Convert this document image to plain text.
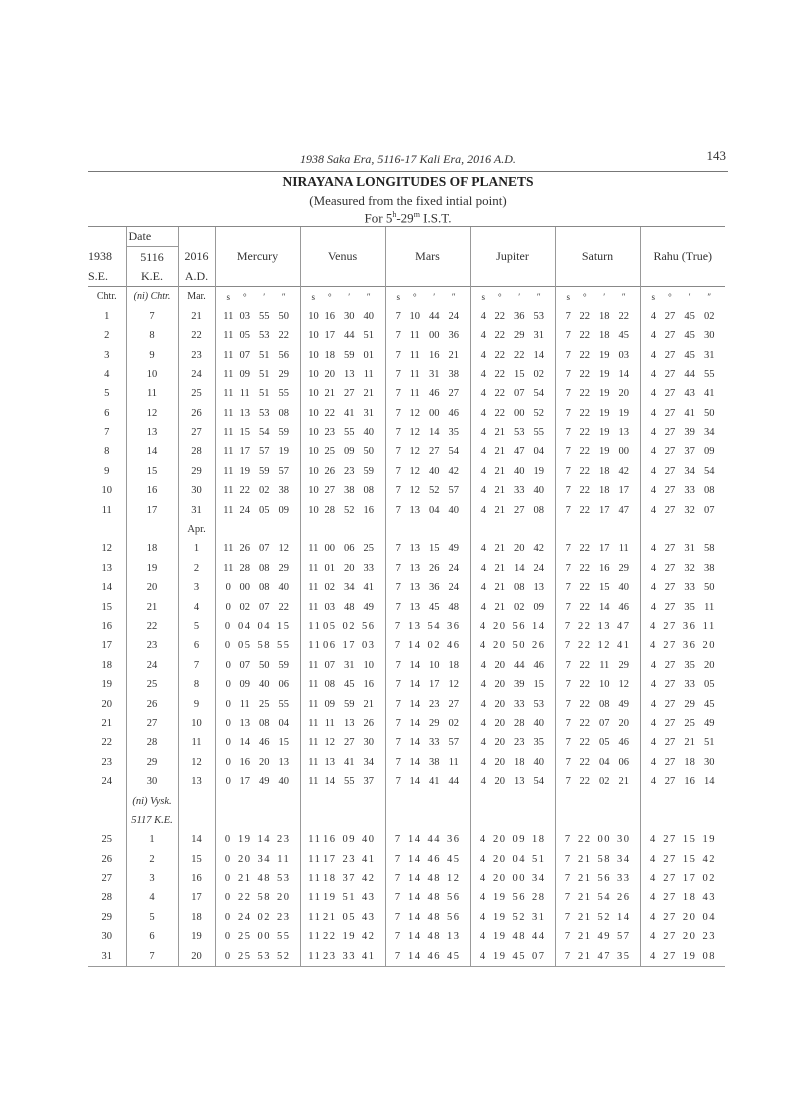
1938 Saka Era, 5116-17 Kali Era, 2016 A.D.	143
NIRAYANA LONGITUDES OF PLANETS
(Measured from the fixed intial point)
For 5$^h$-29$^m$ I.S.T.
	Date		Mercury	Venus	Mars	Jupiter	Saturn	Rahu (True)
1938	5116	2016						
S.E.	K.E.	A.D.						
Chtr.	(ni) Chtr.	Mar.	s ° ′ ″	s ° ′ ″	s ° ′ ″	s ° ′ ″	s ° ′ ″	s ° ′ ″

1	7	21	11 03 55 50	10 16 30 40	7 10 44 24	4 22 36 53	7 22 18 22	4 27 45 02

2	8	22	11 05 53 22	10 17 44 51	7 11 00 36	4 22 29 31	7 22 18 45	4 27 45 30

3	9	23	11 07 51 56	10 18 59 01	7 11 16 21	4 22 22 14	7 22 19 03	4 27 45 31

4	10	24	11 09 51 29	10 20 13 11	7 11 31 38	4 22 15 02	7 22 19 14	4 27 44 55

5	11	25	11 11 51 55	10 21 27 21	7 11 46 27	4 22 07 54	7 22 19 20	4 27 43 41

6	12	26	11 13 53 08	10 22 41 31	7 12 00 46	4 22 00 52	7 22 19 19	4 27 41 50

7	13	27	11 15 54 59	10 23 55 40	7 12 14 35	4 21 53 55	7 22 19 13	4 27 39 34

8	14	28	11 17 57 19	10 25 09 50	7 12 27 54	4 21 47 04	7 22 19 00	4 27 37 09

9	15	29	11 19 59 57	10 26 23 59	7 12 40 42	4 21 40 19	7 22 18 42	4 27 34 54

10	16	30	11 22 02 38	10 27 38 08	7 12 52 57	4 21 33 40	7 22 18 17	4 27 33 08

11	17	31	11 24 05 09	10 28 52 16	7 13 04 40	4 21 27 08	7 22 17 47	4 27 32 07

		Apr.						
12	18	1	11 26 07 12	11 00 06 25	7 13 15 49	4 21 20 42	7 22 17 11	4 27 31 58

13	19	2	11 28 08 29	11 01 20 33	7 13 26 24	4 21 14 24	7 22 16 29	4 27 32 38

14	20	3	0 00 08 40	11 02 34 41	7 13 36 24	4 21 08 13	7 22 15 40	4 27 33 50

15	21	4	0 02 07 22	11 03 48 49	7 13 45 48	4 21 02 09	7 22 14 46	4 27 35 11

16	22	5	0 04 04 15	11 05 02 56	7 13 54 36	4 20 56 14	7 22 13 47	4 27 36 11

17	23	6	0 05 58 55	11 06 17 03	7 14 02 46	4 20 50 26	7 22 12 41	4 27 36 20

18	24	7	0 07 50 59	11 07 31 10	7 14 10 18	4 20 44 46	7 22 11 29	4 27 35 20

19	25	8	0 09 40 06	11 08 45 16	7 14 17 12	4 20 39 15	7 22 10 12	4 27 33 05

20	26	9	0 11 25 55	11 09 59 21	7 14 23 27	4 20 33 53	7 22 08 49	4 27 29 45

21	27	10	0 13 08 04	11 11 13 26	7 14 29 02	4 20 28 40	7 22 07 20	4 27 25 49

22	28	11	0 14 46 15	11 12 27 30	7 14 33 57	4 20 23 35	7 22 05 46	4 27 21 51

23	29	12	0 16 20 13	11 13 41 34	7 14 38 11	4 20 18 40	7 22 04 06	4 27 18 30

24	30	13	0 17 49 40	11 14 55 37	7 14 41 44	4 20 13 54	7 22 02 21	4 27 16 14

	(ni) Vysk.							
	5117 K.E.							
25	1	14	0 19 14 23	11 16 09 40	7 14 44 36	4 20 09 18	7 22 00 30	4 27 15 19

26	2	15	0 20 34 11	11 17 23 41	7 14 46 45	4 20 04 51	7 21 58 34	4 27 15 42

27	3	16	0 21 48 53	11 18 37 42	7 14 48 12	4 20 00 34	7 21 56 33	4 27 17 02

28	4	17	0 22 58 20	11 19 51 43	7 14 48 56	4 19 56 28	7 21 54 26	4 27 18 43

29	5	18	0 24 02 23	11 21 05 43	7 14 48 56	4 19 52 31	7 21 52 14	4 27 20 04

30	6	19	0 25 00 55	11 22 19 42	7 14 48 13	4 19 48 44	7 21 49 57	4 27 20 23

31	7	20	0 25 53 52	11 23 33 41	7 14 46 45	4 19 45 07	7 21 47 35	4 27 19 08
